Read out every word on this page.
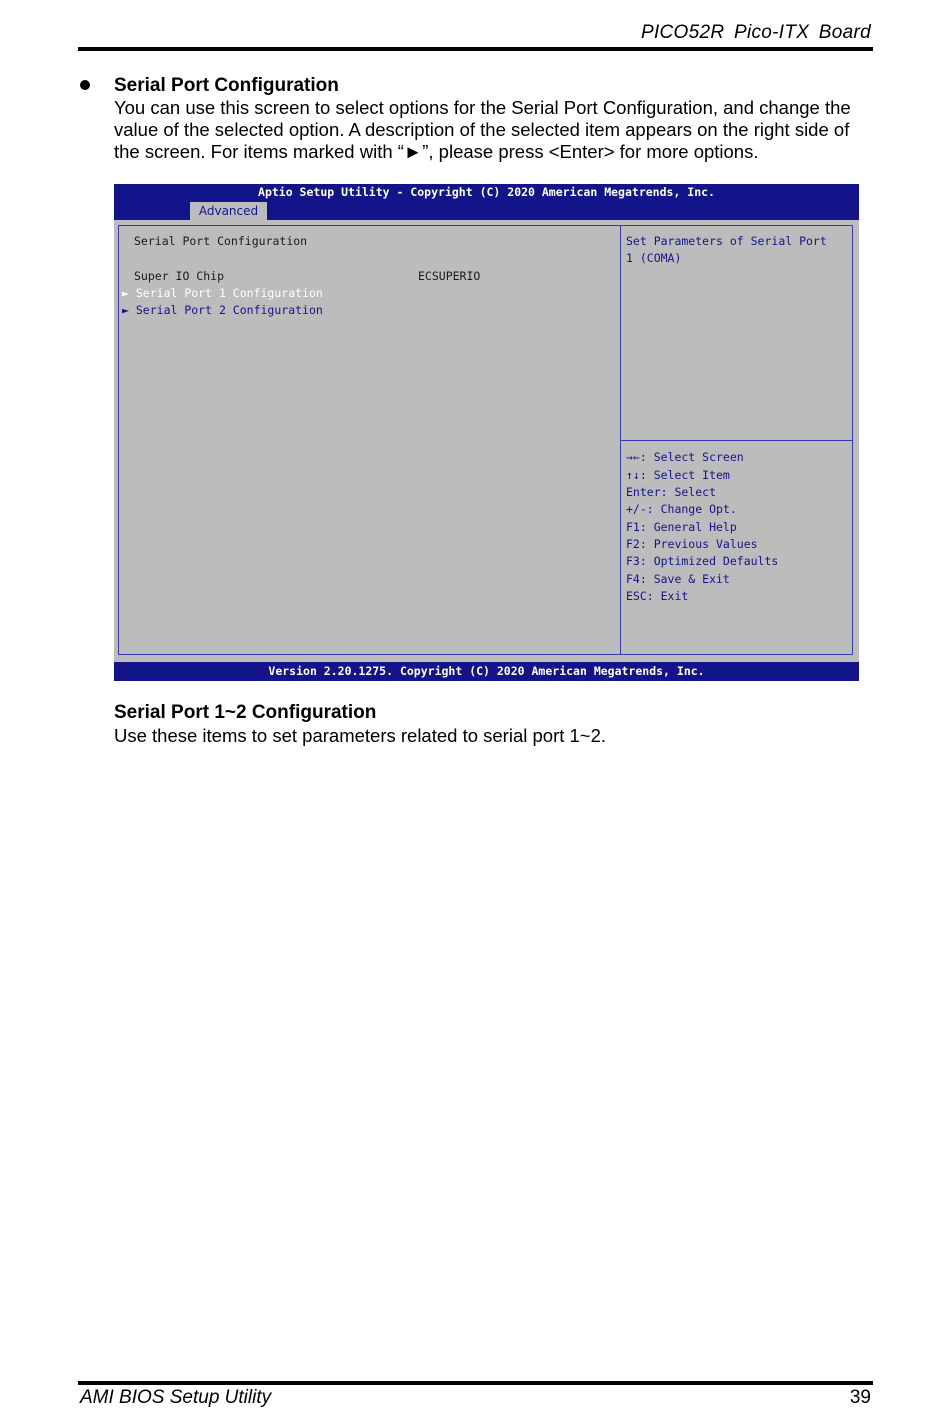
PICO52R Pico-ITX Board
Serial Port Configuration

You can use this screen to select options for the Serial Port Configuration, and change the

value of the selected option. A description of the selected item appears on the right side of

the screen. For items marked with “►”, please press <Enter> for more options.

Aptio Setup Utility - Copyright (C) 2020 American Megatrends, Inc.
Advanced
Serial Port Configuration
Super IO Chip	ECSUPERIO
► Serial Port 1 Configuration
► Serial Port 2 Configuration
Set Parameters of Serial Port
1 (COMA)
→←: Select Screen
↑↓: Select Item
Enter: Select
+/-: Change Opt.
F1: General Help
F2: Previous Values
F3: Optimized Defaults
F4: Save & Exit
ESC: Exit
Version 2.20.1275. Copyright (C) 2020 American Megatrends, Inc.
Serial Port 1~2 Configuration
Use these items to set parameters related to serial port 1~2.
AMI BIOS Setup Utility	39
